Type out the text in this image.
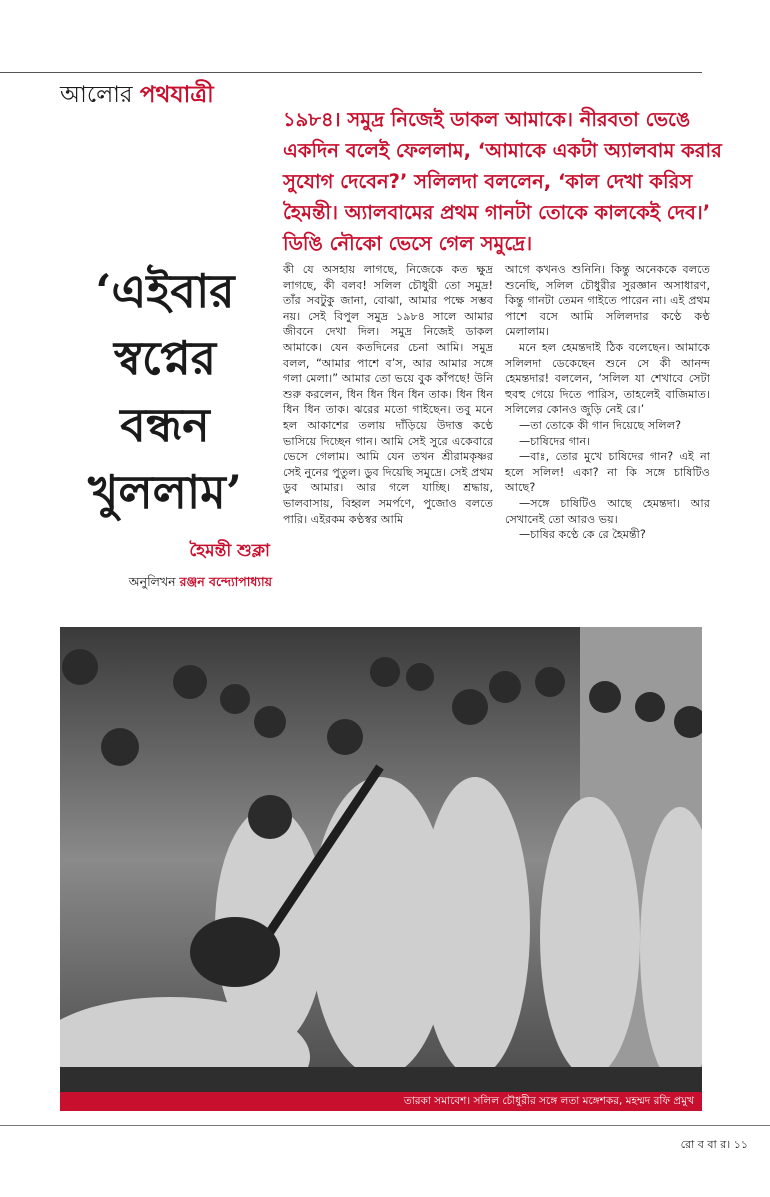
আলোর পথযাত্রী
১৯৮৪। সমুদ্র নিজেই ডাকল আমাকে। নীরবতা ভেঙে একদিন বলেই ফেললাম, ‘আমাকে একটা অ্যালবাম করার সুযোগ দেবেন?’ সলিলদা বললেন, ‘কাল দেখা করিস হৈমন্তী। অ্যালবামের প্রথম গানটা তোকে কালকেই দেব।’ ডিঙি নৌকো ভেসে গেল সমুদ্রে।
‘এইবার
স্বপ্নের
বন্ধন
খুললাম’
হৈমন্তী শুক্লা
অনুলিখন রঞ্জন বন্দ্যোপাধ্যায়

কী যে অসহায় লাগছে, নিজেকে কত ক্ষুদ্র লাগছে, কী বলব! সলিল চৌধুরী তো সমুদ্র! তাঁর সবটুকু জানা, বোঝা, আমার পক্ষে সম্ভব নয়। সেই বিপুল সমুদ্র ১৯৮৪ সালে আমার জীবনে দেখা দিল। সমুদ্র নিজেই ডাকল আমাকে। যেন কতদিনের চেনা আমি। সমুদ্র বলল, “আমার পাশে ব’স, আর আমার সঙ্গে গলা মেলা।” আমার তো ভয়ে বুক কাঁপছে! উনি শুরু করলেন, ধিন ধিন ধিন ধিন তাক। ধিন ধিন ধিন ধিন তাক। ঝরের মতো গাইছেন। তবু মনে হল আকাশের তলায় দাঁড়িয়ে উদাত্ত কণ্ঠে ভাসিয়ে দিচ্ছেন গান। আমি সেই সুরে একেবারে ভেসে গেলাম। আমি যেন তখন শ্রীরামকৃষ্ণর সেই নুনের পুতুল। ডুব দিয়েছি সমুদ্রে। সেই প্রথম ডুব আমার। আর গলে যাচ্ছি। শ্রদ্ধায়, ভালবাসায়, বিহ্বল সমর্পণে, পুজোও বলতে পারি। এইরকম কণ্ঠস্বর আমি

আগে কখনও শুনিনি। কিন্তু অনেককে বলতে শুনেছি, সলিল চৌধুরীর সুরজ্ঞান অসাধারণ, কিন্তু গানটা তেমন গাইতে পারেন না। এই প্রথম পাশে বসে আমি সলিলদার কণ্ঠে কণ্ঠ মেলালাম।

মনে হল হেমন্তদাই ঠিক বলেছেন। আমাকে সলিলদা ডেকেছেন শুনে সে কী আনন্দ হেমন্তদার! বললেন, ‘সলিল যা শেখাবে সেটা হুবহু গেয়ে দিতে পারিস, তাহলেই বাজিমাত। সলিলের কোনও জুড়ি নেই রে।’

—তা তোকে কী গান দিয়েছে সলিল?

—চাষিদের গান।

—বাঃ, তোর মুখে চাষিদের গান? এই না হলে সলিল! একা? না কি সঙ্গে চাষিটিও আছে?

—সঙ্গে চাষিটিও আছে হেমন্তদা। আর সেখানেই তো আরও ভয়।

—চাষির কণ্ঠে কে রে হৈমন্তী?

তারকা সমাবেশ। সলিল চৌধুরীর সঙ্গে লতা মঙ্গেশকর, মহম্মদ রফি প্রমুখ
রো ব বা র। ১১
